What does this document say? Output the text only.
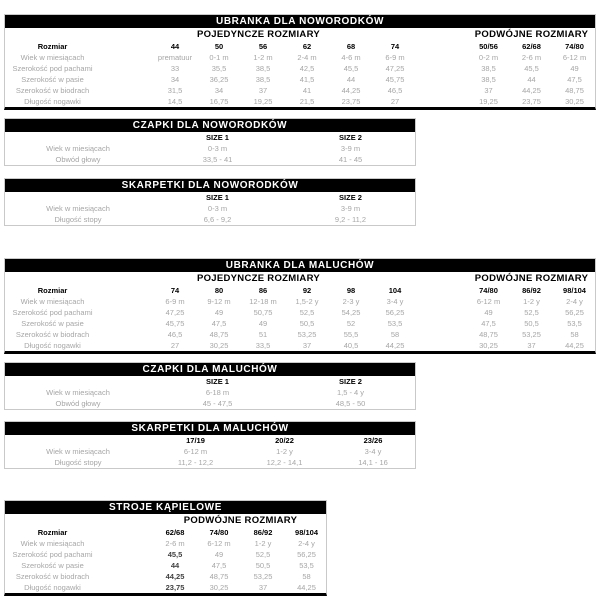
UBRANKA DLA NOWORODKÓW
	POJEDYNCZE ROZMIARY								PODWÓJNE ROZMIARY		
Rozmiar		44	50	56	62	68	74		50/56	62/68	74/80
Wiek w miesiącach		prematuur	0-1 m	1-2 m	2-4 m	4-6 m	6-9 m		0-2 m	2-6 m	6-12 m
Szerokość pod pachami		33	35,5	38,5	42,5	45,5	47,25		38,5	45,5	49
Szerokość w pasie		34	36,25	38,5	41,5	44	45,75		38,5	44	47,5
Szerokość w biodrach		31,5	34	37	41	44,25	46,5		37	44,25	48,75
Długość nogawki		14,5	16,75	19,25	21,5	23,75	27		19,25	23,75	30,25
CZAPKI DLA NOWORODKÓW
	SIZE 1	SIZE 2
Wiek w miesiącach	0-3 m	3-9 m
Obwód głowy	33,5 - 41	41 - 45
SKARPETKI DLA NOWORODKÓW
	SIZE 1	SIZE 2
Wiek w miesiącach	0-3 m	3-9 m
Długość stopy	6,6 - 9,2	9,2 - 11,2
UBRANKA DLA MALUCHÓW
	POJEDYNCZE ROZMIARY								PODWÓJNE ROZMIARY		
Rozmiar		74	80	86	92	98	104		74/80	86/92	98/104
Wiek w miesiącach		6-9 m	9-12 m	12-18 m	1,5-2 y	2-3 y	3-4 y		6-12 m	1-2 y	2-4 y
Szerokość pod pachami		47,25	49	50,75	52,5	54,25	56,25		49	52,5	56,25
Szerokość w pasie		45,75	47,5	49	50,5	52	53,5		47,5	50,5	53,5
Szerokość w biodrach		46,5	48,75	51	53,25	55,5	58		48,75	53,25	58
Długość nogawki		27	30,25	33,5	37	40,5	44,25		30,25	37	44,25
CZAPKI DLA MALUCHÓW
	SIZE 1	SIZE 2
Wiek w miesiącach	6-18 m	1,5 - 4 y
Obwód głowy	45 - 47,5	48,5 - 50
SKARPETKI DLA MALUCHÓW
	17/19	20/22	23/26
Wiek w miesiącach	6-12 m	1-2 y	3-4 y
Długość stopy	11,2 - 12,2	12,2 - 14,1	14,1 - 16
STROJE KĄPIELOWE
		PODWÓJNE ROZMIARY			
Rozmiar		62/68	74/80	86/92	98/104
Wiek w miesiącach		2-6 m	6-12 m	1-2 y	2-4 y
Szerokość pod pachami		45,5	49	52,5	56,25
Szerokość w pasie		44	47,5	50,5	53,5
Szerokość w biodrach		44,25	48,75	53,25	58
Długość nogawki		23,75	30,25	37	44,25
